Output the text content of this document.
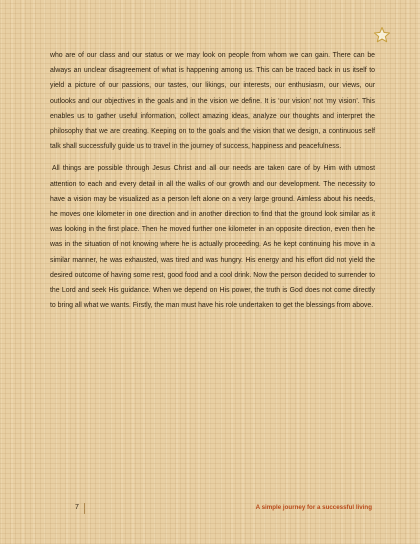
who are of our class and our status or we may look on people from whom we can gain. There can be always an unclear disagreement of what is happening among us. This can be traced back in us itself to yield a picture of our passions, our tastes, our likings, our interests, our enthusiasm, our views, our outlooks and our objectives in the goals and in the vision we define. It is ‘our vision’ not ‘my vision’. This enables us to gather useful information, collect amazing ideas, analyze our thoughts and interpret the philosophy that we are creating. Keeping on to the goals and the vision that we design, a continuous self talk shall successfully guide us to travel in the journey of success, happiness and peacefulness.

All things are possible through Jesus Christ and all our needs are taken care of by Him with utmost attention to each and every detail in all the walks of our growth and our development. The necessity to have a vision may be visualized as a person left alone on a very large ground. Aimless about his needs, he moves one kilometer in one direction and in another direction to find that the ground look similar as it was looking in the first place. Then he moved further one kilometer in an opposite direction, even then he was in the situation of not knowing where he is actually proceeding. As he kept continuing his move in a similar manner, he was exhausted, was tired and was hungry. His energy and his effort did not yield the desired outcome of having some rest, good food and a cool drink. Now the person decided to surrender to the Lord and seek His guidance. When we depend on His power, the truth is God does not come directly to bring all what we wants. Firstly, the man must have his role undertaken to get the blessings from above.

7	A simple journey for a successful living
